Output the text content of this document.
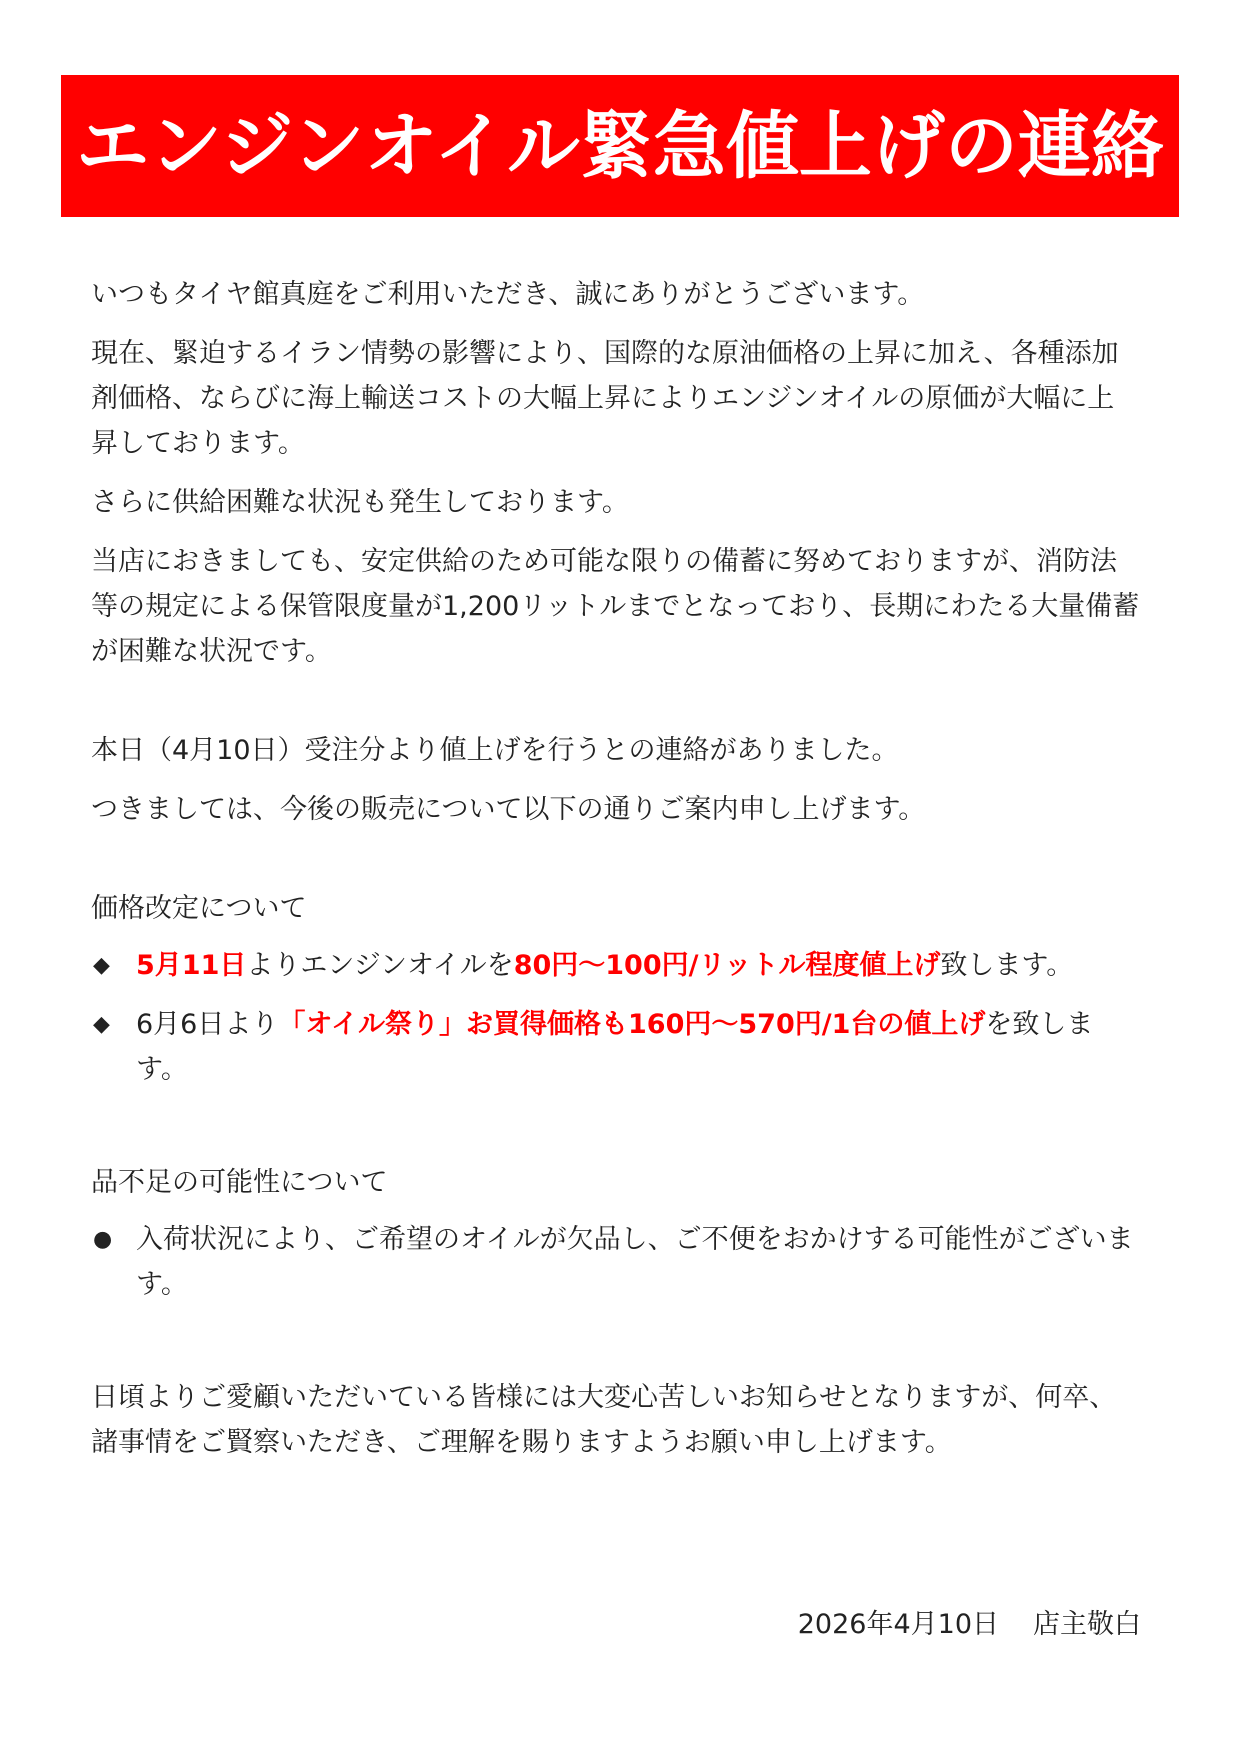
エンジンオイル緊急値上げの連絡

いつもタイヤ館真庭をご利用いただき、誠にありがとうございます。

現在、緊迫するイラン情勢の影響により、国際的な原油価格の上昇に加え、各種添加剤価格、ならびに海上輸送コストの大幅上昇によりエンジンオイルの原価が大幅に上昇しております。

さらに供給困難な状況も発生しております。

当店におきましても、安定供給のため可能な限りの備蓄に努めておりますが、消防法等の規定による保管限度量が1,200リットルまでとなっており、長期にわたる大量備蓄が困難な状況です。

本日（4月10日）受注分より値上げを行うとの連絡がありました。

つきましては、今後の販売について以下の通りご案内申し上げます。

価格改定について

◆ 5月11日よりエンジンオイルを80円～100円/リットル程度値上げ致します。
◆ 6月6日より「オイル祭り」お買得価格も160円～570円/1台の値上げを致します。

品不足の可能性について

● 入荷状況により、ご希望のオイルが欠品し、ご不便をおかけする可能性がございます。

日頃よりご愛顧いただいている皆様には大変心苦しいお知らせとなりますが、何卒、諸事情をご賢察いただき、ご理解を賜りますようお願い申し上げます。

2026年4月10日 店主敬白
